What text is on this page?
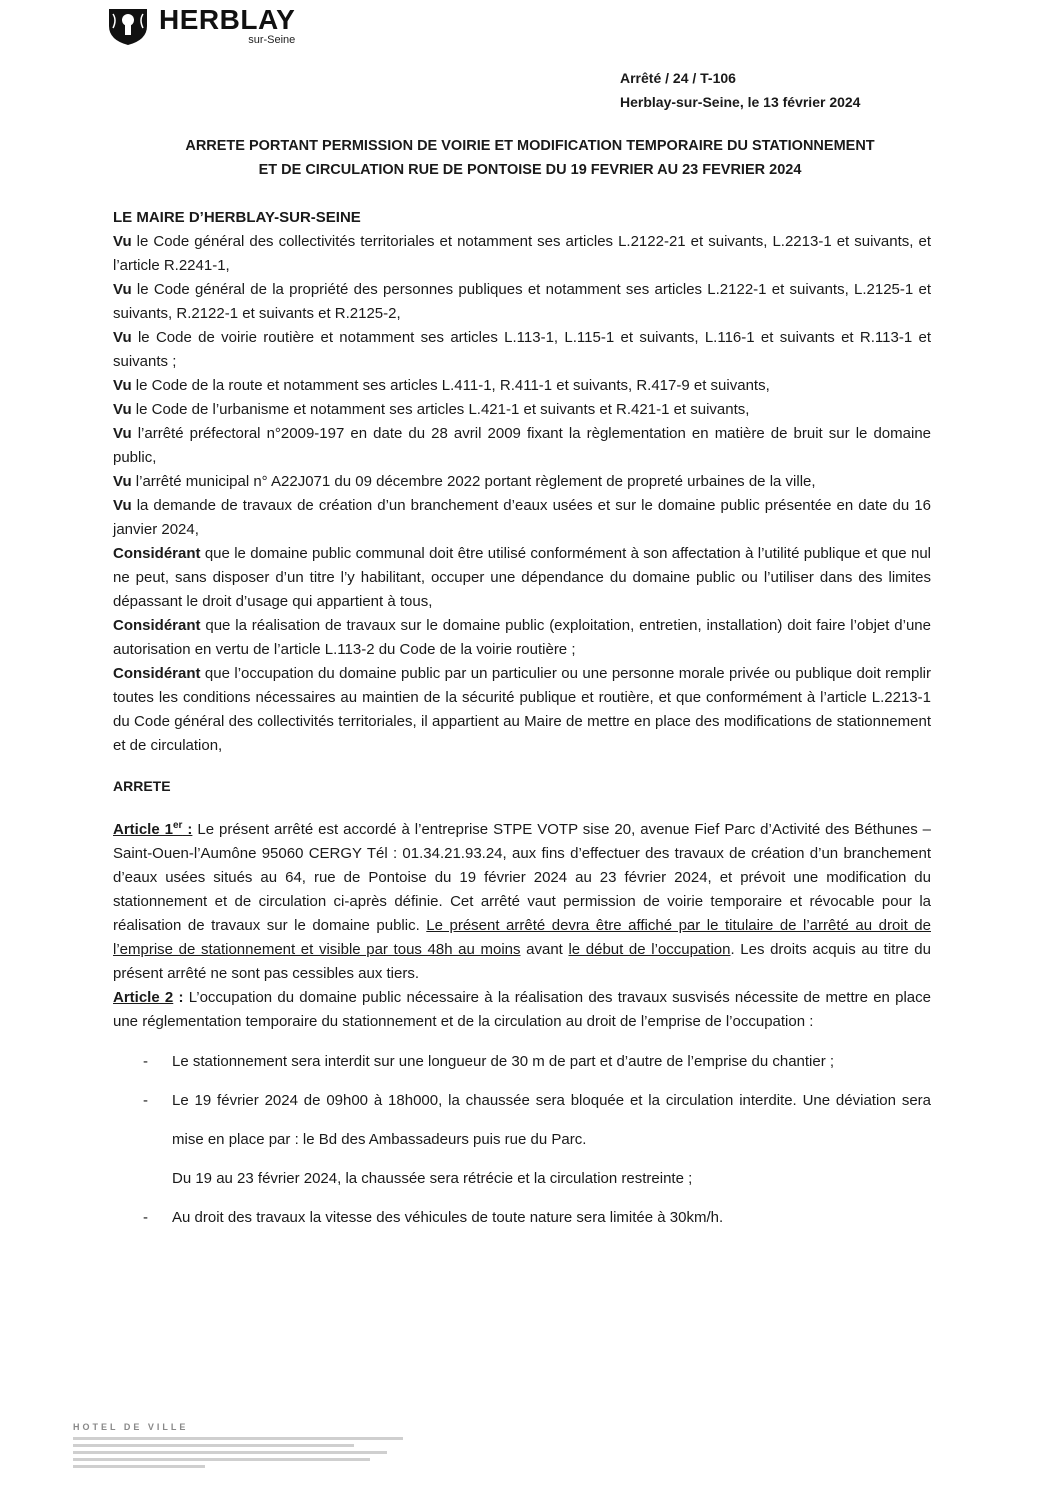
HERBLAY
sur-Seine
Arrêté / 24 / T-106
Herblay-sur-Seine, le 13 février 2024
ARRETE PORTANT PERMISSION DE VOIRIE ET MODIFICATION TEMPORAIRE DU STATIONNEMENT
ET DE CIRCULATION RUE DE PONTOISE DU 19 FEVRIER AU 23 FEVRIER 2024

LE MAIRE D’HERBLAY-SUR-SEINE

Vu le Code général des collectivités territoriales et notamment ses articles L.2122-21 et suivants, L.2213-1 et suivants, et l’article R.2241-1,

Vu le Code général de la propriété des personnes publiques et notamment ses articles L.2122-1 et suivants, L.2125-1 et suivants, R.2122-1 et suivants et R.2125-2,

Vu le Code de voirie routière et notamment ses articles L.113-1, L.115-1 et suivants, L.116-1 et suivants et R.113-1 et suivants ;

Vu le Code de la route et notamment ses articles L.411-1, R.411-1 et suivants, R.417-9 et suivants,

Vu le Code de l’urbanisme et notamment ses articles L.421-1 et suivants et R.421-1 et suivants,

Vu l’arrêté préfectoral n°2009-197 en date du 28 avril 2009 fixant la règlementation en matière de bruit sur le domaine public,

Vu l’arrêté municipal n° A22J071 du 09 décembre 2022 portant règlement de propreté urbaines de la ville,

Vu la demande de travaux de création d’un branchement d’eaux usées et sur le domaine public présentée en date du 16 janvier 2024,

Considérant que le domaine public communal doit être utilisé conformément à son affectation à l’utilité publique et que nul ne peut, sans disposer d’un titre l’y habilitant, occuper une dépendance du domaine public ou l’utiliser dans des limites dépassant le droit d’usage qui appartient à tous,

Considérant que la réalisation de travaux sur le domaine public (exploitation, entretien, installation) doit faire l’objet d’une autorisation en vertu de l’article L.113-2 du Code de la voirie routière ;

Considérant que l’occupation du domaine public par un particulier ou une personne morale privée ou publique doit remplir toutes les conditions nécessaires au maintien de la sécurité publique et routière, et que conformément à l’article L.2213-1 du Code général des collectivités territoriales, il appartient au Maire de mettre en place des modifications de stationnement et de circulation,

ARRETE

Article 1er : Le présent arrêté est accordé à l’entreprise STPE VOTP sise 20, avenue Fief Parc d’Activité des Béthunes – Saint-Ouen-l’Aumône 95060 CERGY Tél : 01.34.21.93.24, aux fins d’effectuer des travaux de création d’un branchement d’eaux usées situés au 64, rue de Pontoise du 19 février 2024 au 23 février 2024, et prévoit une modification du stationnement et de circulation ci-après définie. Cet arrêté vaut permission de voirie temporaire et révocable pour la réalisation de travaux sur le domaine public. Le présent arrêté devra être affiché par le titulaire de l’arrêté au droit de l’emprise de stationnement et visible par tous 48h au moins avant le début de l’occupation. Les droits acquis au titre du présent arrêté ne sont pas cessibles aux tiers.

Article 2 : L’occupation du domaine public nécessaire à la réalisation des travaux susvisés nécessite de mettre en place une réglementation temporaire du stationnement et de la circulation au droit de l’emprise de l’occupation :

- Le stationnement sera interdit sur une longueur de 30 m de part et d’autre de l’emprise du chantier ;
- Le 19 février 2024 de 09h00 à 18h000, la chaussée sera bloquée et la circulation interdite. Une déviation sera mise en place par : le Bd des Ambassadeurs puis rue du Parc.
Du 19 au 23 février 2024, la chaussée sera rétrécie et la circulation restreinte ;
- Au droit des travaux la vitesse des véhicules de toute nature sera limitée à 30km/h.
HOTEL DE VILLE
